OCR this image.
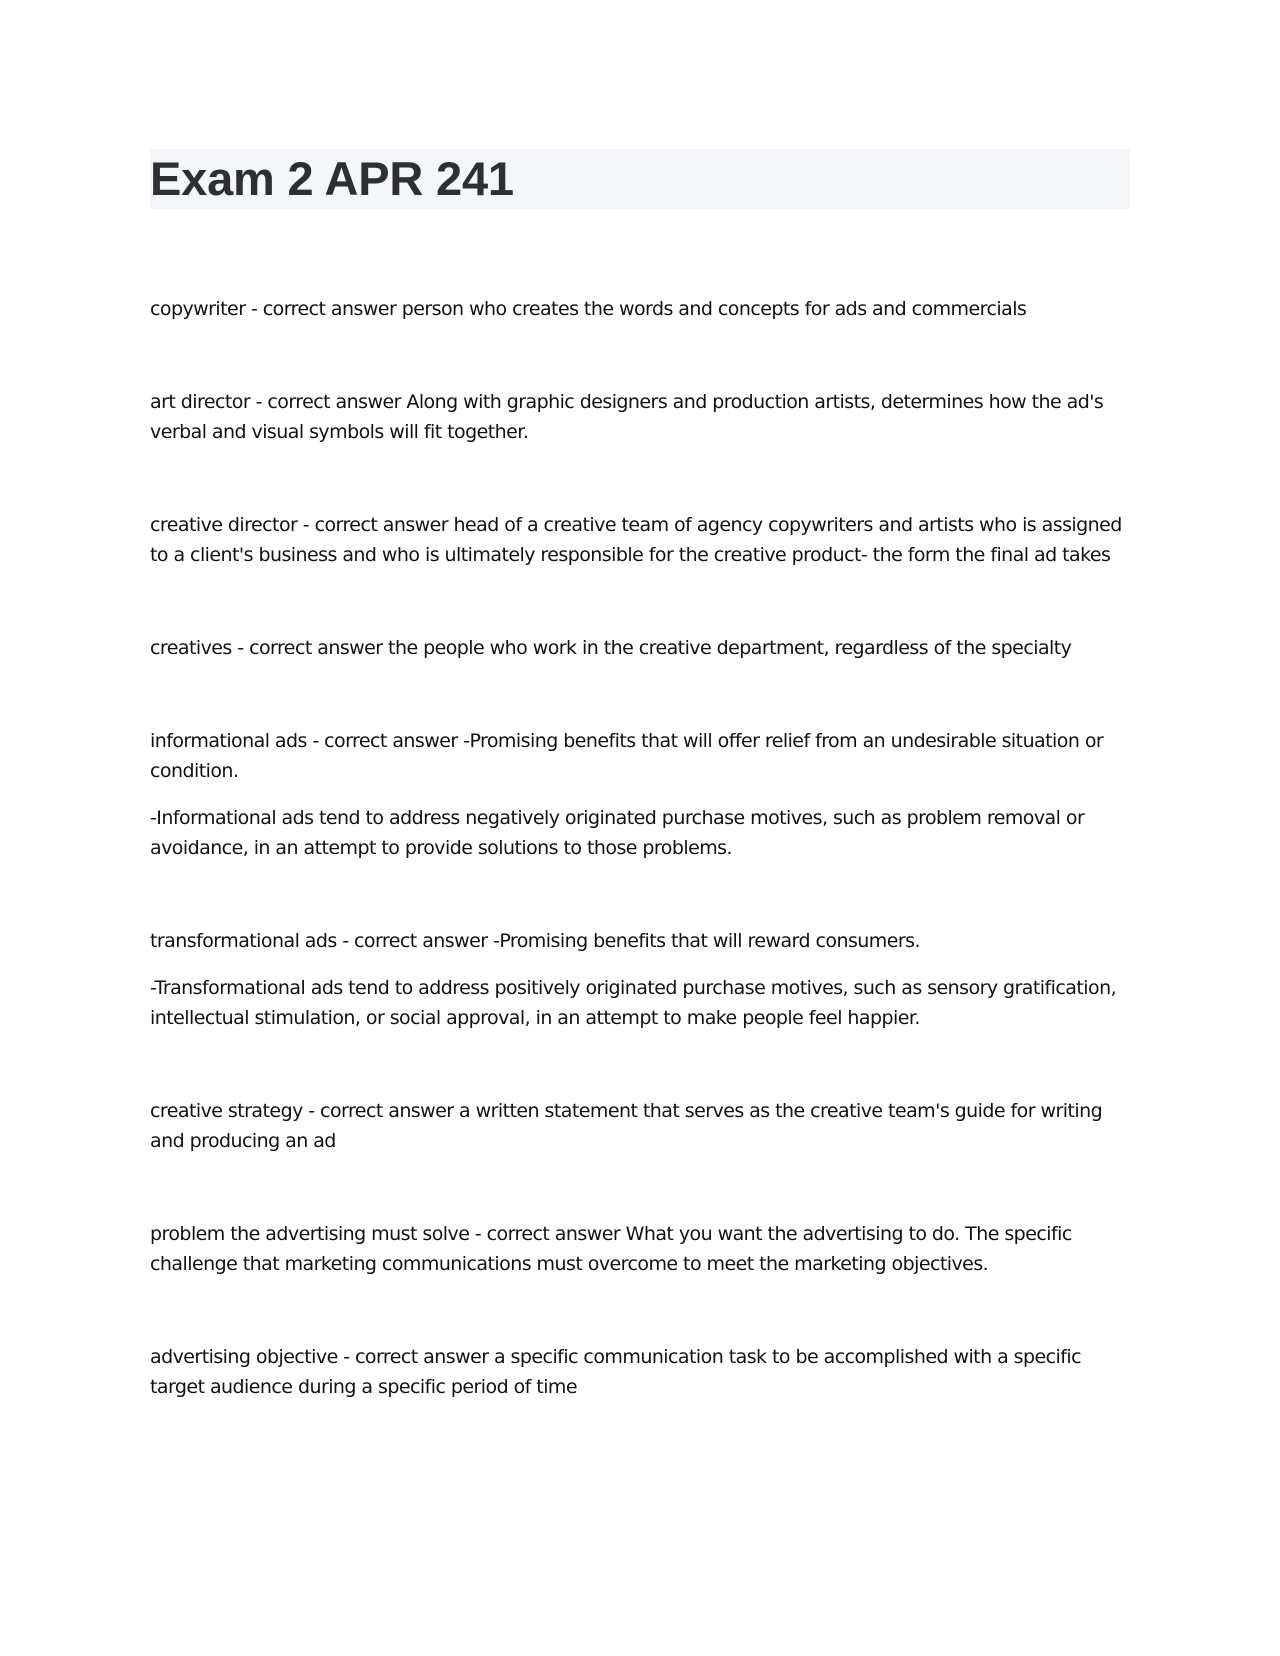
Exam 2 APR 241

copywriter - correct answer person who creates the words and concepts for ads and commercials

art director - correct answer Along with graphic designers and production artists, determines how the ad's verbal and visual symbols will fit together.

creative director - correct answer head of a creative team of agency copywriters and artists who is assigned to a client's business and who is ultimately responsible for the creative product- the form the final ad takes

creatives - correct answer the people who work in the creative department, regardless of the specialty

informational ads - correct answer -Promising benefits that will offer relief from an undesirable situation or condition.

-Informational ads tend to address negatively originated purchase motives, such as problem removal or avoidance, in an attempt to provide solutions to those problems.

transformational ads - correct answer -Promising benefits that will reward consumers.

-Transformational ads tend to address positively originated purchase motives, such as sensory gratification, intellectual stimulation, or social approval, in an attempt to make people feel happier.

creative strategy - correct answer a written statement that serves as the creative team's guide for writing and producing an ad

problem the advertising must solve - correct answer What you want the advertising to do. The specific challenge that marketing communications must overcome to meet the marketing objectives.

advertising objective - correct answer a specific communication task to be accomplished with a specific target audience during a specific period of time
